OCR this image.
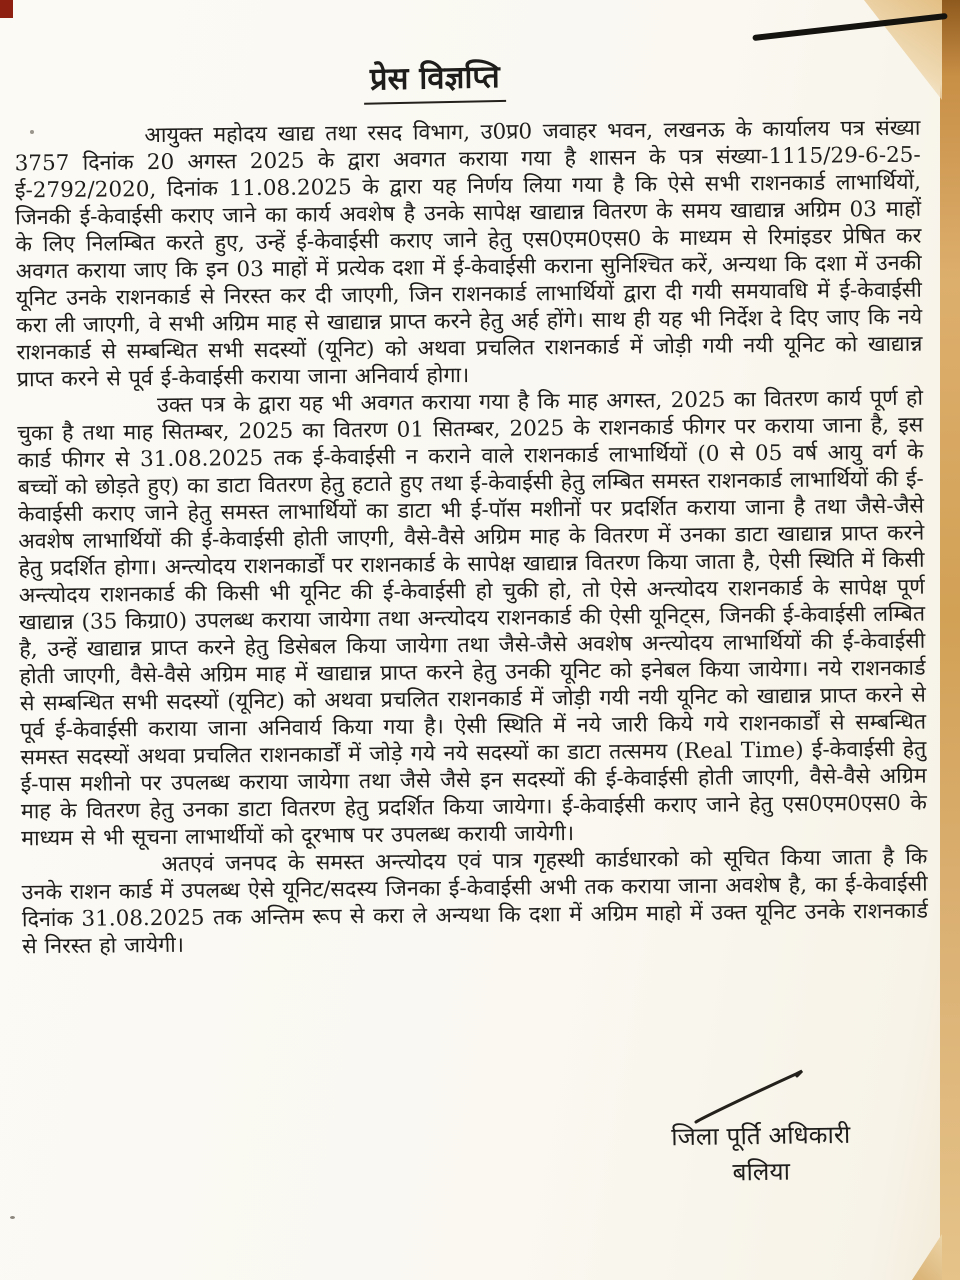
प्रेस विज्ञप्ति

आयुक्त महोदय खाद्य तथा रसद विभाग, उ0प्र0 जवाहर भवन, लखनऊ के कार्यालय पत्र संख्या 3757 दिनांक 20 अगस्त 2025 के द्वारा अवगत कराया गया है शासन के पत्र संख्या-1115/29-6-25-ई-2792/2020, दिनांक 11.08.2025 के द्वारा यह निर्णय लिया गया है कि ऐसे सभी राशनकार्ड लाभार्थियों, जिनकी ई-केवाईसी कराए जाने का कार्य अवशेष है उनके सापेक्ष खाद्यान्न वितरण के समय खाद्यान्न अग्रिम 03 माहों के लिए निलम्बित करते हुए, उन्हें ई-केवाईसी कराए जाने हेतु एस0एम0एस0 के माध्यम से रिमांइडर प्रेषित कर अवगत कराया जाए कि इन 03 माहों में प्रत्येक दशा में ई-केवाईसी कराना सुनिश्चित करें, अन्यथा कि दशा में उनकी यूनिट उनके राशनकार्ड से निरस्त कर दी जाएगी, जिन राशनकार्ड लाभार्थियों द्वारा दी गयी समयावधि में ई-केवाईसी करा ली जाएगी, वे सभी अग्रिम माह से खाद्यान्न प्राप्त करने हेतु अर्ह होंगे। साथ ही यह भी निर्देश दे दिए जाए कि नये राशनकार्ड से सम्बन्धित सभी सदस्यों (यूनिट) को अथवा प्रचलित राशनकार्ड में जोड़ी गयी नयी यूनिट को खाद्यान्न प्राप्त करने से पूर्व ई-केवाईसी कराया जाना अनिवार्य होगा।

उक्त पत्र के द्वारा यह भी अवगत कराया गया है कि माह अगस्त, 2025 का वितरण कार्य पूर्ण हो चुका है तथा माह सितम्बर, 2025 का वितरण 01 सितम्बर, 2025 के राशनकार्ड फीगर पर कराया जाना है, इस कार्ड फीगर से 31.08.2025 तक ई-केवाईसी न कराने वाले राशनकार्ड लाभार्थियों (0 से 05 वर्ष आयु वर्ग के बच्चों को छोड़ते हुए) का डाटा वितरण हेतु हटाते हुए तथा ई-केवाईसी हेतु लम्बित समस्त राशनकार्ड लाभार्थियों की ई-केवाईसी कराए जाने हेतु समस्त लाभार्थियों का डाटा भी ई-पॉस मशीनों पर प्रदर्शित कराया जाना है तथा जैसे-जैसे अवशेष लाभार्थियों की ई-केवाईसी होती जाएगी, वैसे-वैसे अग्रिम माह के वितरण में उनका डाटा खाद्यान्न प्राप्त करने हेतु प्रदर्शित होगा। अन्त्योदय राशनकार्डों पर राशनकार्ड के सापेक्ष खाद्यान्न वितरण किया जाता है, ऐसी स्थिति में किसी अन्त्योदय राशनकार्ड की किसी भी यूनिट की ई-केवाईसी हो चुकी हो, तो ऐसे अन्त्योदय राशनकार्ड के सापेक्ष पूर्ण खाद्यान्न (35 किग्रा0) उपलब्ध कराया जायेगा तथा अन्त्योदय राशनकार्ड की ऐसी यूनिट्स, जिनकी ई-केवाईसी लम्बित है, उन्हें खाद्यान्न प्राप्त करने हेतु डिसेबल किया जायेगा तथा जैसे-जैसे अवशेष अन्त्योदय लाभार्थियों की ई-केवाईसी होती जाएगी, वैसे-वैसे अग्रिम माह में खाद्यान्न प्राप्त करने हेतु उनकी यूनिट को इनेबल किया जायेगा। नये राशनकार्ड से सम्बन्धित सभी सदस्यों (यूनिट) को अथवा प्रचलित राशनकार्ड में जोड़ी गयी नयी यूनिट को खाद्यान्न प्राप्त करने से पूर्व ई-केवाईसी कराया जाना अनिवार्य किया गया है। ऐसी स्थिति में नये जारी किये गये राशनकार्डों से सम्बन्धित समस्त सदस्यों अथवा प्रचलित राशनकार्डों में जोड़े गये नये सदस्यों का डाटा तत्समय (Real Time) ई-केवाईसी हेतु ई-पास मशीनो पर उपलब्ध कराया जायेगा तथा जैसे जैसे इन सदस्यों की ई-केवाईसी होती जाएगी, वैसे-वैसे अग्रिम माह के वितरण हेतु उनका डाटा वितरण हेतु प्रदर्शित किया जायेगा। ई-केवाईसी कराए जाने हेतु एस0एम0एस0 के माध्यम से भी सूचना लाभार्थीयों को दूरभाष पर उपलब्ध करायी जायेगी।

अतएवं जनपद के समस्त अन्त्योदय एवं पात्र गृहस्थी कार्डधारको को सूचित किया जाता है कि उनके राशन कार्ड में उपलब्ध ऐसे यूनिट/सदस्य जिनका ई-केवाईसी अभी तक कराया जाना अवशेष है, का ई-केवाईसी दिनांक 31.08.2025 तक अन्तिम रूप से करा ले अन्यथा कि दशा में अग्रिम माहो में उक्त यूनिट उनके राशनकार्ड से निरस्त हो जायेगी।

जिला पूर्ति अधिकारी
बलिया
